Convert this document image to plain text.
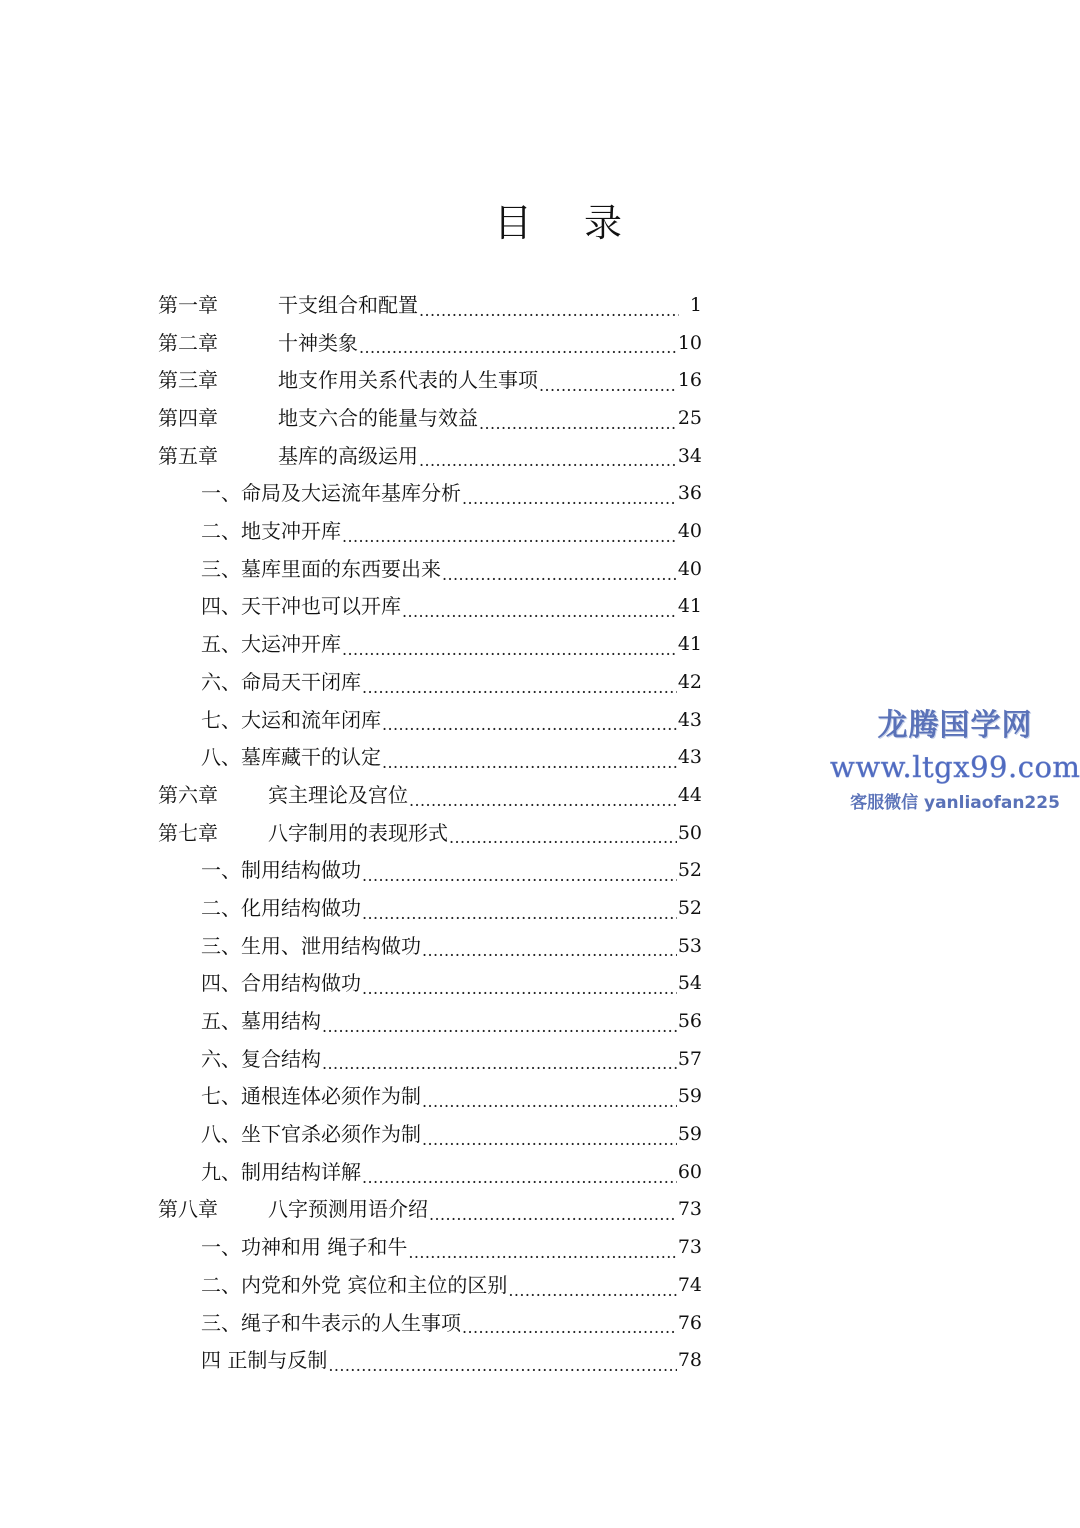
目 录
第一章	干支组合和配置 .....	1
第二章	十神类象 .....	10
第三章	地支作用关系代表的人生事项 .....	16
第四章	地支六合的能量与效益 .....	25
第五章	基库的高级运用 .....	34
一、命局及大运流年基库分析 .....	36
二、地支冲开库 .....	40
三、墓库里面的东西要出来 .....	40
四、天干冲也可以开库 .....	41
五、大运冲开库 .....	41
六、命局天干闭库 .....	42
七、大运和流年闭库 .....	43
八、墓库藏干的认定 .....	43
第六章	宾主理论及宫位 .....	44
第七章	八字制用的表现形式 .....	50
一、制用结构做功 .....	52
二、化用结构做功 .....	52
三、生用、泄用结构做功 .....	53
四、合用结构做功 .....	54
五、墓用结构 .....	56
六、复合结构 .....	57
七、通根连体必须作为制 .....	59
八、坐下官杀必须作为制 .....	59
九、制用结构详解 .....	60
第八章	八字预测用语介绍 .....	73
一、功神和用 绳子和牛 .....	73
二、内党和外党 宾位和主位的区别 .....	74
三、绳子和牛表示的人生事项 .....	76
四 正制与反制 .....	78
龙腾国学网
www.ltgx99.com
客服微信 yanliaofan225
